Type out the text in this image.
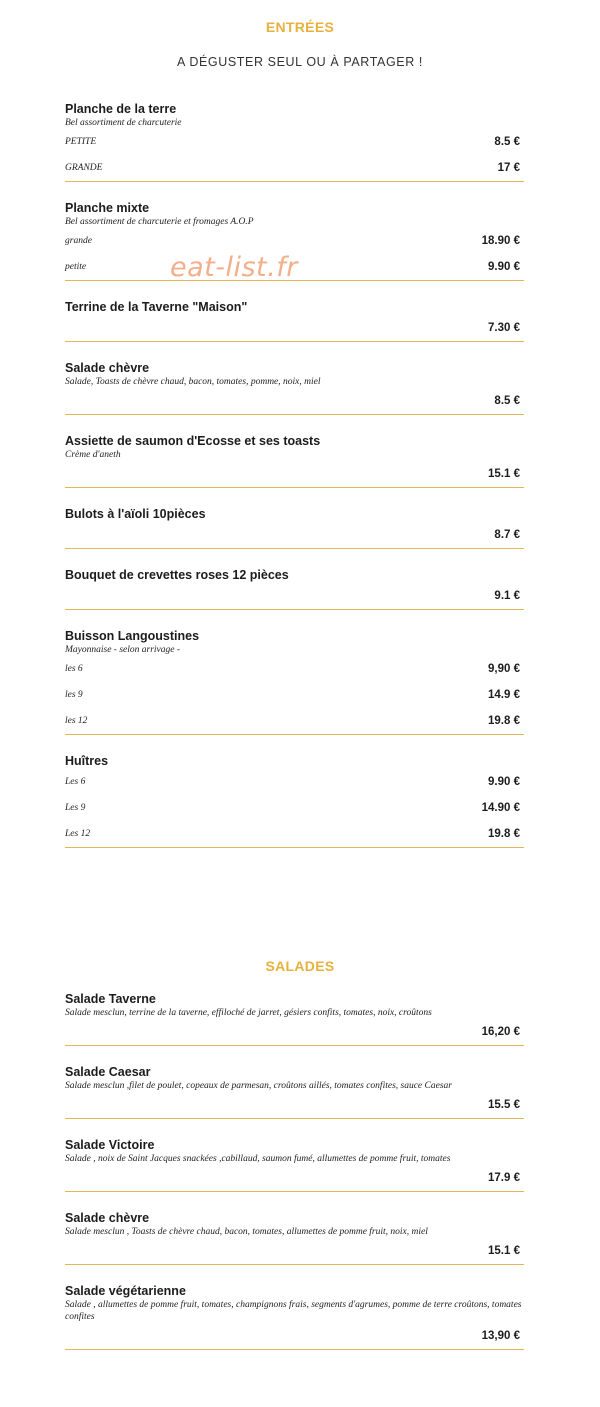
ENTRÉES

A DÉGUSTER SEUL OU À PARTAGER !

Planche de la terre
Bel assortiment de charcuterie
PETITE	8.5 €
GRANDE	17 €
Planche mixte
Bel assortiment de charcuterie et fromages A.O.P
grande	18.90 €
petite	9.90 €
Terrine de la Taverne "Maison"
7.30 €
Salade chèvre
Salade, Toasts de chèvre chaud, bacon, tomates, pomme, noix, miel
8.5 €
Assiette de saumon d'Ecosse et ses toasts
Crème d'aneth
15.1 €
Bulots à l'aïoli 10pièces
8.7 €
Bouquet de crevettes roses 12 pièces
9.1 €
Buisson Langoustines
Mayonnaise - selon arrivage -
les 6	9,90 €
les 9	14.9 €
les 12	19.8 €
Huîtres
Les 6	9.90 €
Les 9	14.90 €
Les 12	19.8 €
SALADES
Salade Taverne
Salade mesclun, terrine de la taverne, effiloché de jarret, gésiers confits, tomates, noix, croûtons
16,20 €
Salade Caesar
Salade mesclun ,filet de poulet, copeaux de parmesan, croûtons aillés, tomates confites, sauce Caesar
15.5 €
Salade Victoire
Salade , noix de Saint Jacques snackées ,cabillaud, saumon fumé, allumettes de pomme fruit, tomates
17.9 €
Salade chèvre
Salade mesclun , Toasts de chèvre chaud, bacon, tomates, allumettes de pomme fruit, noix, miel
15.1 €
Salade végétarienne
Salade , allumettes de pomme fruit, tomates, champignons frais, segments d'agrumes, pomme de terre croûtons, tomates confites
13,90 €
eat-list.fr
